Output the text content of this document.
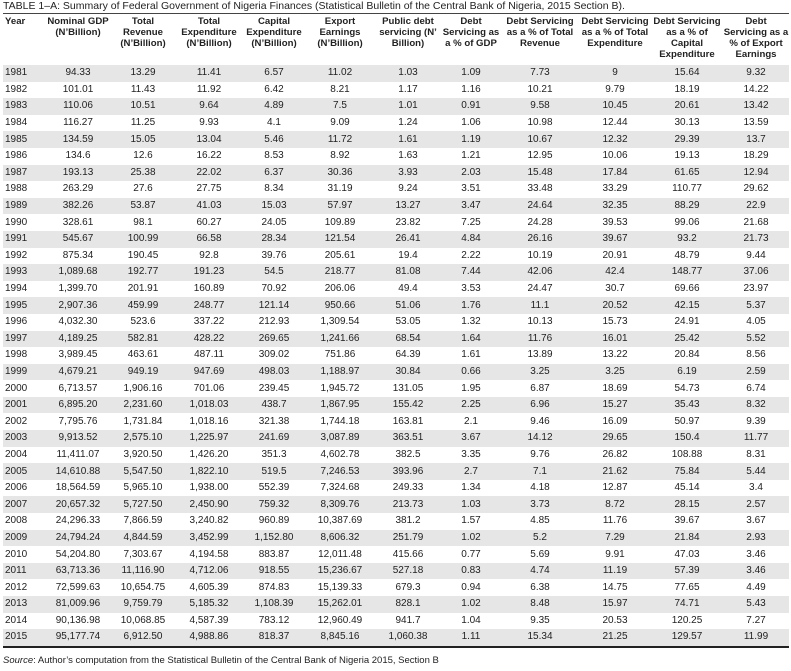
TABLE 1–A: Summary of Federal Government of Nigeria Finances (Statistical Bulletin of the Central Bank of Nigeria, 2015 Section B).
Year	Nominal GDP (N’Billion)	Total Revenue (N’Billion)	Total Expenditure (N’Billion)	Capital Expenditure (N’Billion)	Export Earnings (N’Billion)	Public debt servicing (N’ Billion)	Debt Servicing as a % of GDP	Debt Servicing as a % of Total Revenue	Debt Servicing as a % of Total Expenditure	Debt Servicing as a % of Capital Expenditure	Debt Servicing as a % of Export Earnings
1981	94.33	13.29	11.41	6.57	11.02	1.03	1.09	7.73	9	15.64	9.32
1982	101.01	11.43	11.92	6.42	8.21	1.17	1.16	10.21	9.79	18.19	14.22
1983	110.06	10.51	9.64	4.89	7.5	1.01	0.91	9.58	10.45	20.61	13.42
1984	116.27	11.25	9.93	4.1	9.09	1.24	1.06	10.98	12.44	30.13	13.59
1985	134.59	15.05	13.04	5.46	11.72	1.61	1.19	10.67	12.32	29.39	13.7
1986	134.6	12.6	16.22	8.53	8.92	1.63	1.21	12.95	10.06	19.13	18.29
1987	193.13	25.38	22.02	6.37	30.36	3.93	2.03	15.48	17.84	61.65	12.94
1988	263.29	27.6	27.75	8.34	31.19	9.24	3.51	33.48	33.29	110.77	29.62
1989	382.26	53.87	41.03	15.03	57.97	13.27	3.47	24.64	32.35	88.29	22.9
1990	328.61	98.1	60.27	24.05	109.89	23.82	7.25	24.28	39.53	99.06	21.68
1991	545.67	100.99	66.58	28.34	121.54	26.41	4.84	26.16	39.67	93.2	21.73
1992	875.34	190.45	92.8	39.76	205.61	19.4	2.22	10.19	20.91	48.79	9.44
1993	1,089.68	192.77	191.23	54.5	218.77	81.08	7.44	42.06	42.4	148.77	37.06
1994	1,399.70	201.91	160.89	70.92	206.06	49.4	3.53	24.47	30.7	69.66	23.97
1995	2,907.36	459.99	248.77	121.14	950.66	51.06	1.76	11.1	20.52	42.15	5.37
1996	4,032.30	523.6	337.22	212.93	1,309.54	53.05	1.32	10.13	15.73	24.91	4.05
1997	4,189.25	582.81	428.22	269.65	1,241.66	68.54	1.64	11.76	16.01	25.42	5.52
1998	3,989.45	463.61	487.11	309.02	751.86	64.39	1.61	13.89	13.22	20.84	8.56
1999	4,679.21	949.19	947.69	498.03	1,188.97	30.84	0.66	3.25	3.25	6.19	2.59
2000	6,713.57	1,906.16	701.06	239.45	1,945.72	131.05	1.95	6.87	18.69	54.73	6.74
2001	6,895.20	2,231.60	1,018.03	438.7	1,867.95	155.42	2.25	6.96	15.27	35.43	8.32
2002	7,795.76	1,731.84	1,018.16	321.38	1,744.18	163.81	2.1	9.46	16.09	50.97	9.39
2003	9,913.52	2,575.10	1,225.97	241.69	3,087.89	363.51	3.67	14.12	29.65	150.4	11.77
2004	11,411.07	3,920.50	1,426.20	351.3	4,602.78	382.5	3.35	9.76	26.82	108.88	8.31
2005	14,610.88	5,547.50	1,822.10	519.5	7,246.53	393.96	2.7	7.1	21.62	75.84	5.44
2006	18,564.59	5,965.10	1,938.00	552.39	7,324.68	249.33	1.34	4.18	12.87	45.14	3.4
2007	20,657.32	5,727.50	2,450.90	759.32	8,309.76	213.73	1.03	3.73	8.72	28.15	2.57
2008	24,296.33	7,866.59	3,240.82	960.89	10,387.69	381.2	1.57	4.85	11.76	39.67	3.67
2009	24,794.24	4,844.59	3,452.99	1,152.80	8,606.32	251.79	1.02	5.2	7.29	21.84	2.93
2010	54,204.80	7,303.67	4,194.58	883.87	12,011.48	415.66	0.77	5.69	9.91	47.03	3.46
2011	63,713.36	11,116.90	4,712.06	918.55	15,236.67	527.18	0.83	4.74	11.19	57.39	3.46
2012	72,599.63	10,654.75	4,605.39	874.83	15,139.33	679.3	0.94	6.38	14.75	77.65	4.49
2013	81,009.96	9,759.79	5,185.32	1,108.39	15,262.01	828.1	1.02	8.48	15.97	74.71	5.43
2014	90,136.98	10,068.85	4,587.39	783.12	12,960.49	941.7	1.04	9.35	20.53	120.25	7.27
2015	95,177.74	6,912.50	4,988.86	818.37	8,845.16	1,060.38	1.11	15.34	21.25	129.57	11.99
Source: Author’s computation from the Statistical Bulletin of the Central Bank of Nigeria 2015, Section B
